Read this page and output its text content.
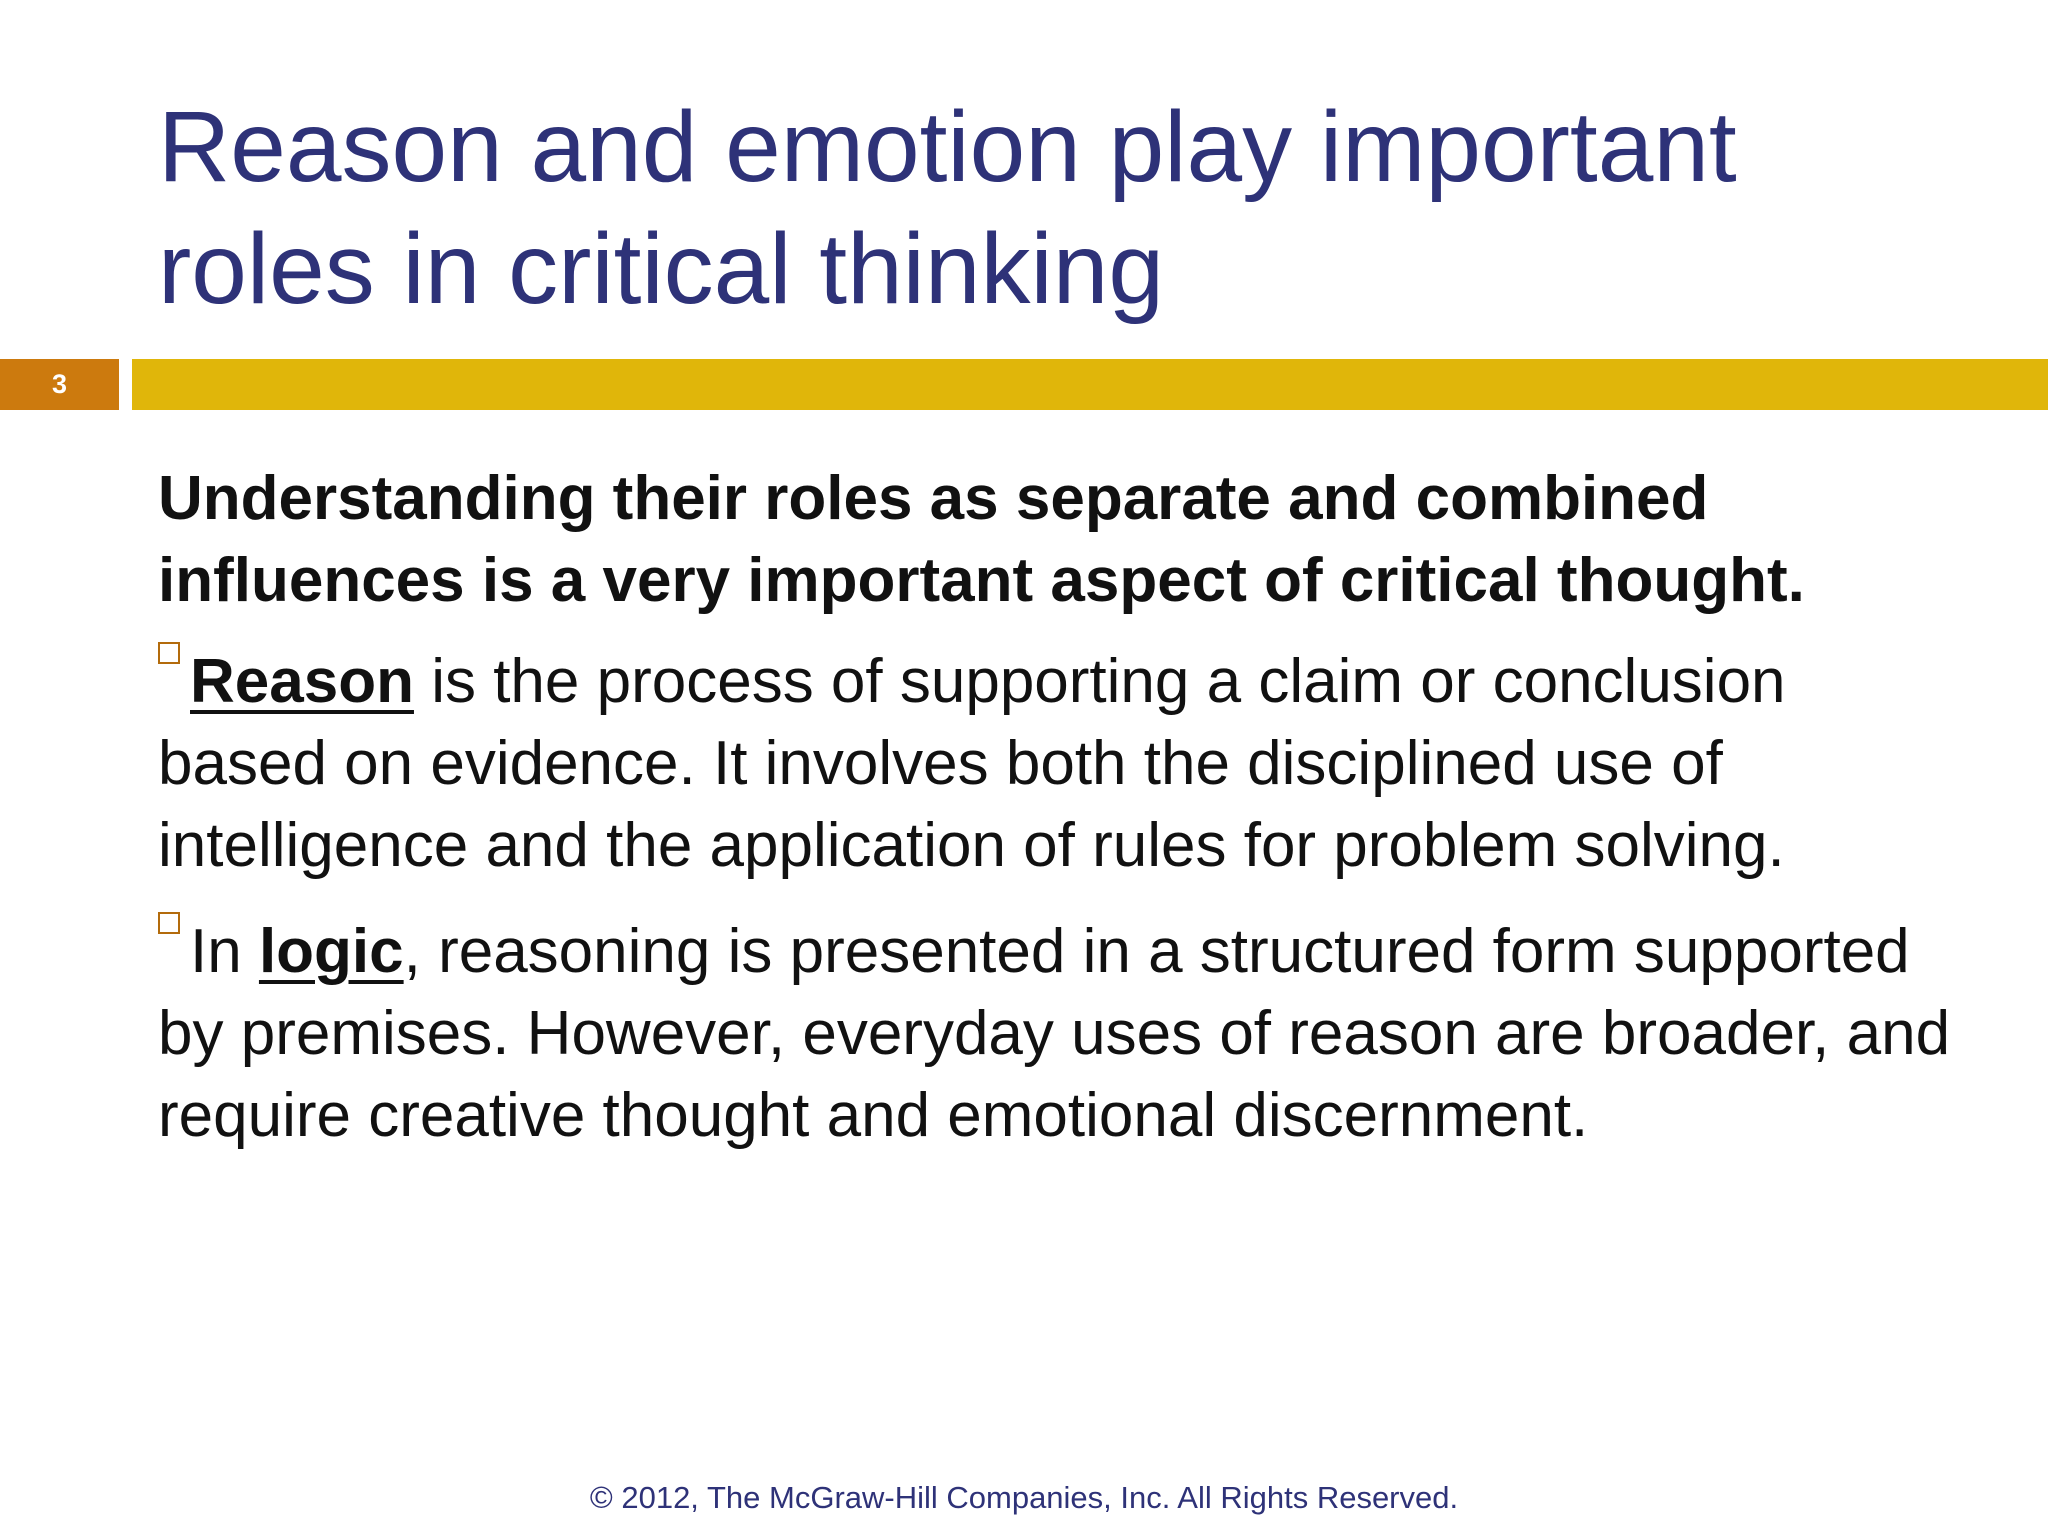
Reason and emotion play important roles in critical thinking
3

Understanding their roles as separate and combined influences is a very important aspect of critical thought.

Reason is the process of supporting a claim or conclusion based on evidence. It involves both the disciplined use of intelligence and the application of rules for problem solving.

In logic, reasoning is presented in a structured form supported by premises. However, everyday uses of reason are broader, and require creative thought and emotional discernment.

© 2012, The McGraw-Hill Companies, Inc. All Rights Reserved.
